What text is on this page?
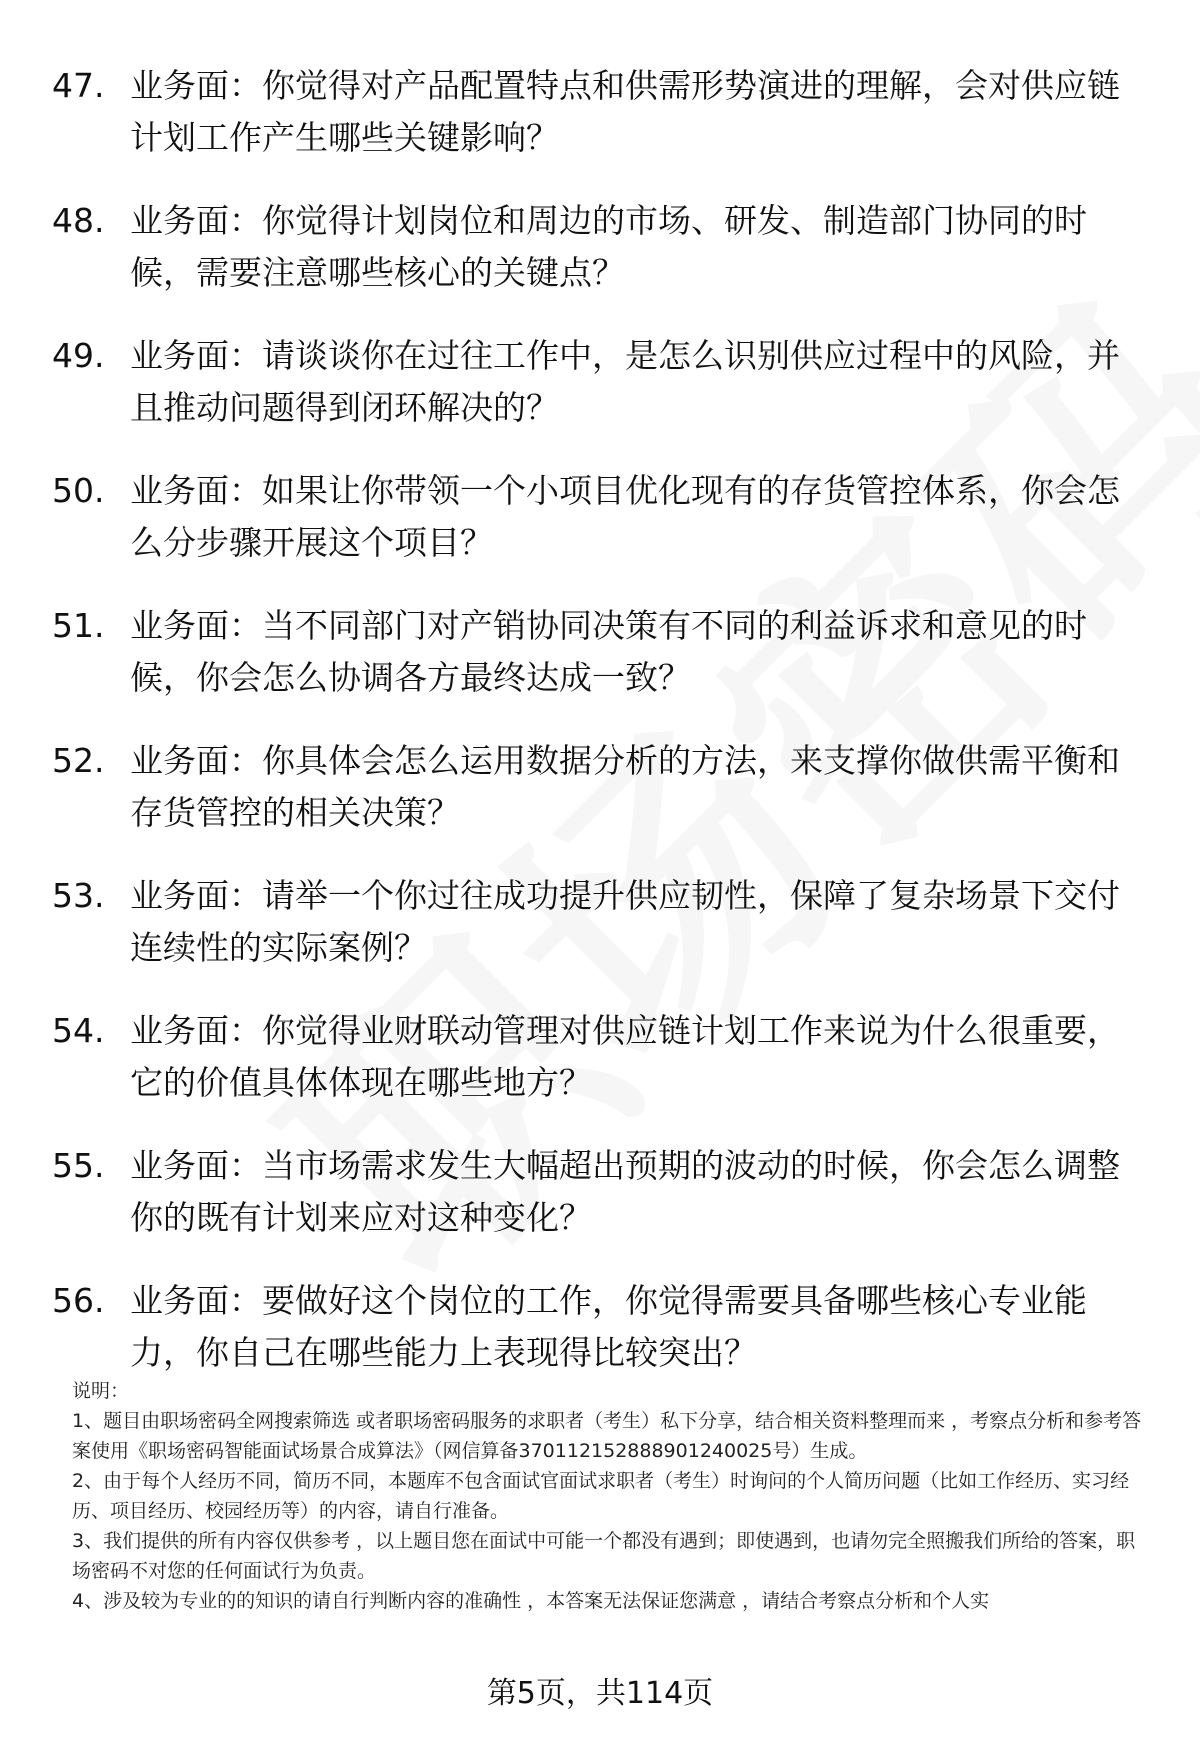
47. 业务面：你觉得对产品配置特点和供需形势演进的理解，会对供应链计划工作产生哪些关键影响？
48. 业务面：你觉得计划岗位和周边的市场、研发、制造部门协同的时候，需要注意哪些核心的关键点？
49. 业务面：请谈谈你在过往工作中，是怎么识别供应过程中的风险，并且推动问题得到闭环解决的？
50. 业务面：如果让你带领一个小项目优化现有的存货管控体系，你会怎么分步骤开展这个项目？
51. 业务面：当不同部门对产销协同决策有不同的利益诉求和意见的时候，你会怎么协调各方最终达成一致？
52. 业务面：你具体会怎么运用数据分析的方法，来支撑你做供需平衡和存货管控的相关决策？
53. 业务面：请举一个你过往成功提升供应韧性，保障了复杂场景下交付连续性的实际案例？
54. 业务面：你觉得业财联动管理对供应链计划工作来说为什么很重要，它的价值具体体现在哪些地方？
55. 业务面：当市场需求发生大幅超出预期的波动的时候，你会怎么调整你的既有计划来应对这种变化？
56. 业务面：要做好这个岗位的工作，你觉得需要具备哪些核心专业能力，你自己在哪些能力上表现得比较突出？

说明：

1、题目由职场密码全网搜索筛选 或者职场密码服务的求职者（考生）私下分享，结合相关资料整理而来 ，考察点分析和参考答案使用《职场密码智能面试场景合成算法》（网信算备370112152888901240025号）生成。

2、由于每个人经历不同，简历不同，本题库不包含面试官面试求职者（考生）时询问的个人简历问题（比如工作经历、实习经历、项目经历、校园经历等）的内容，请自行准备。

3、我们提供的所有内容仅供参考 ，以上题目您在面试中可能一个都没有遇到；即使遇到，也请勿完全照搬我们所给的答案，职场密码不对您的任何面试行为负责。

4、涉及较为专业的的知识的请自行判断内容的准确性 ，本答案无法保证您满意 ，请结合考察点分析和个人实

第5页，共114页
